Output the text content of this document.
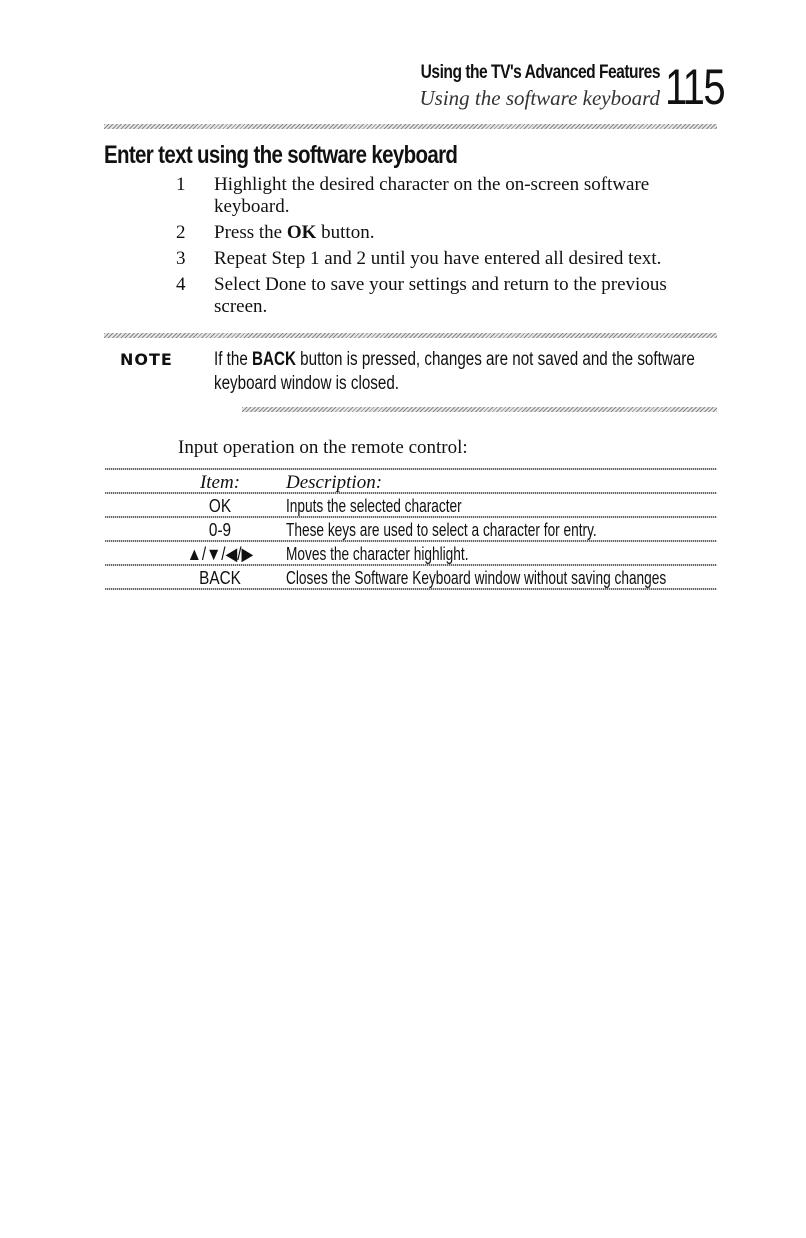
Using the TV's Advanced Features
Using the software keyboard 115
Enter text using the software keyboard
1	Highlight the desired character on the on-screen software keyboard.
2	Press the OK button.
3	Repeat Step 1 and 2 until you have entered all desired text.
4	Select Done to save your settings and return to the previous screen.
NOTE If the BACK button is pressed, changes are not saved and the software keyboard window is closed.
Input operation on the remote control:
Item:	Description:
OK	Inputs the selected character
0-9	These keys are used to select a character for entry.
▲/▼/◀/▶	Moves the character highlight.
BACK	Closes the Software Keyboard window without saving changes
